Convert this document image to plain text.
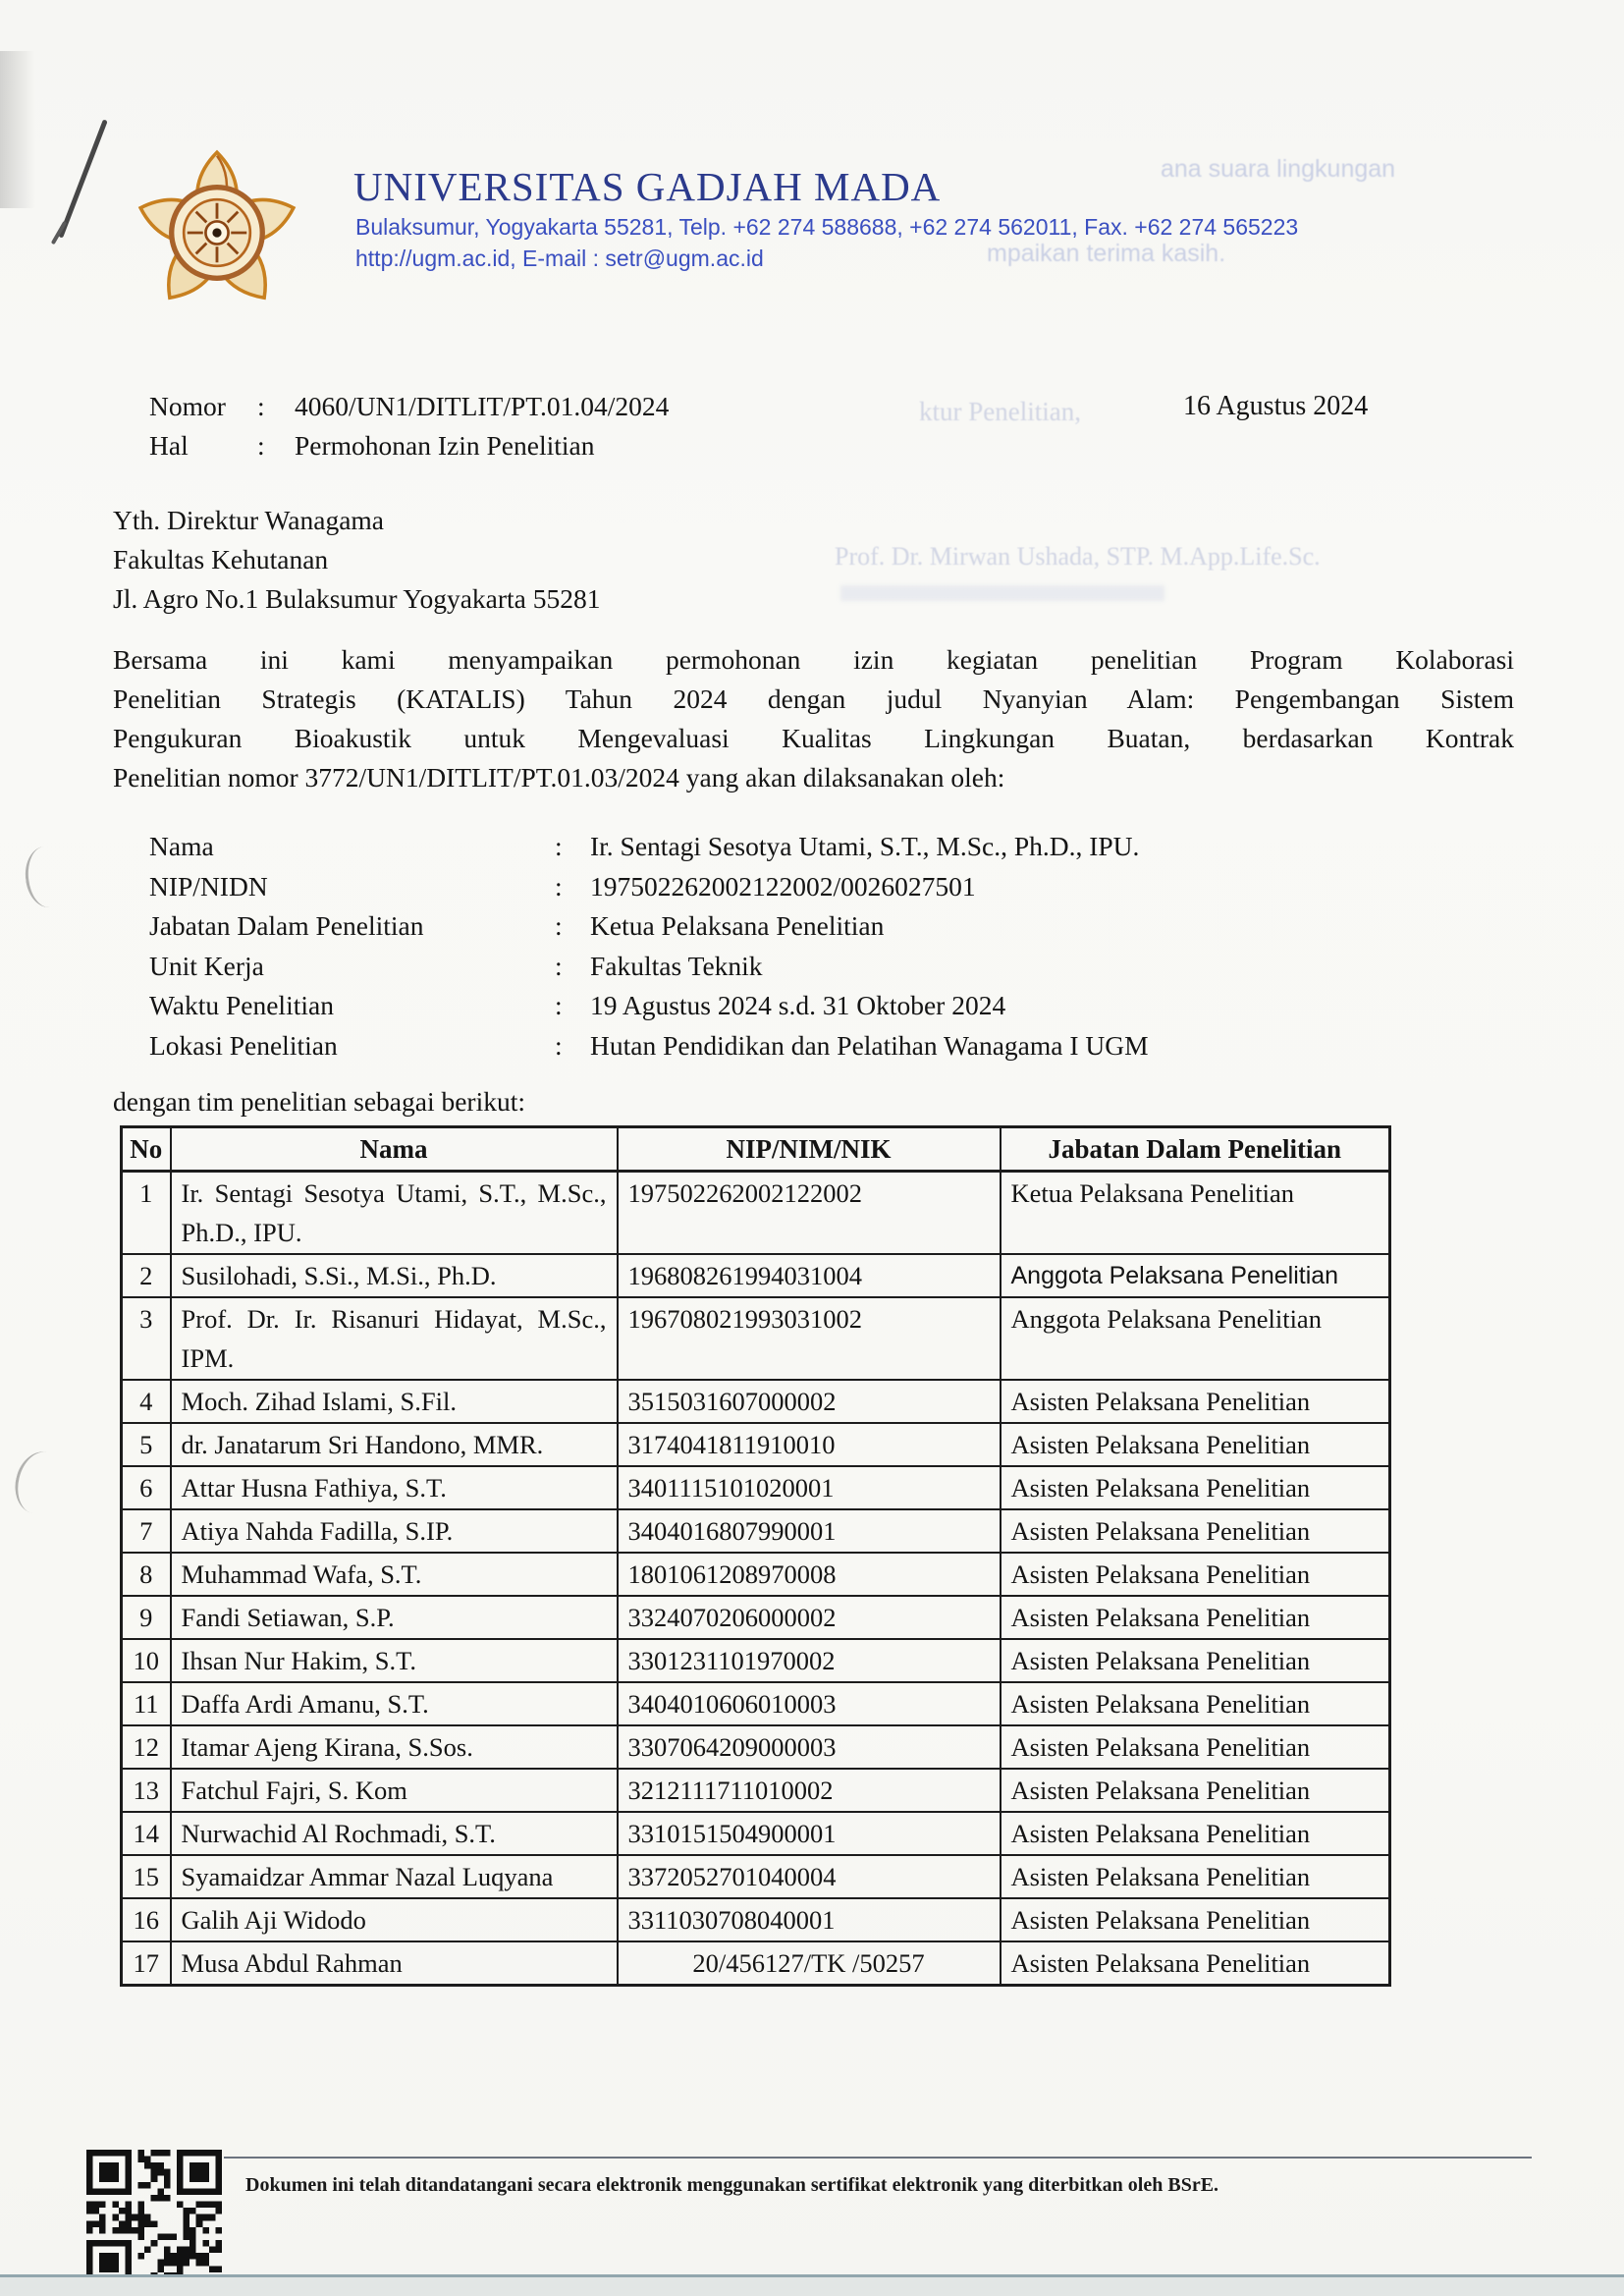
UNIVERSITAS GADJAH MADA
Bulaksumur, Yogyakarta 55281, Telp. +62 274 588688, +62 274 562011, Fax. +62 274 565223
http://ugm.ac.id, E-mail : setr@ugm.ac.id
ana suara lingkungan
mpaikan terima kasih.
ktur Penelitian,
Prof. Dr. Mirwan Ushada, STP. M.App.Life.Sc.
Nomor : 4060/UN1/DITLIT/PT.01.04/2024	16 Agustus 2024
Hal	: Permohonan Izin Penelitian
Yth. Direktur Wanagama
Fakultas Kehutanan
Jl. Agro No.1 Bulaksumur Yogyakarta 55281
Bersama ini kami menyampaikan permohonan izin kegiatan penelitian Program Kolaborasi
Penelitian Strategis (KATALIS) Tahun 2024 dengan judul Nyanyian Alam: Pengembangan Sistem
Pengukuran Bioakustik untuk Mengevaluasi Kualitas Lingkungan Buatan, berdasarkan Kontrak
Penelitian nomor 3772/UN1/DITLIT/PT.01.03/2024 yang akan dilaksanakan oleh:
Nama	:	Ir. Sentagi Sesotya Utami, S.T., M.Sc., Ph.D., IPU.
NIP/NIDN	:	197502262002122002/0026027501
Jabatan Dalam Penelitian	:	Ketua Pelaksana Penelitian
Unit Kerja	:	Fakultas Teknik
Waktu Penelitian	:	19 Agustus 2024 s.d. 31 Oktober 2024
Lokasi Penelitian	:	Hutan Pendidikan dan Pelatihan Wanagama I UGM
dengan tim penelitian sebagai berikut:
No	Nama	NIP/NIM/NIK	Jabatan Dalam Penelitian
1	Ir. Sentagi Sesotya Utami, S.T., M.Sc., Ph.D., IPU.	197502262002122002	Ketua Pelaksana Penelitian
2	Susilohadi, S.Si., M.Si., Ph.D.	196808261994031004	Anggota Pelaksana Penelitian
3	Prof. Dr. Ir. Risanuri Hidayat, M.Sc., IPM.	196708021993031002	Anggota Pelaksana Penelitian
4	Moch. Zihad Islami, S.Fil.	3515031607000002	Asisten Pelaksana Penelitian
5	dr. Janatarum Sri Handono, MMR.	3174041811910010	Asisten Pelaksana Penelitian
6	Attar Husna Fathiya, S.T.	3401115101020001	Asisten Pelaksana Penelitian
7	Atiya Nahda Fadilla, S.IP.	3404016807990001	Asisten Pelaksana Penelitian
8	Muhammad Wafa, S.T.	1801061208970008	Asisten Pelaksana Penelitian
9	Fandi Setiawan, S.P.	3324070206000002	Asisten Pelaksana Penelitian
10	Ihsan Nur Hakim, S.T.	3301231101970002	Asisten Pelaksana Penelitian
11	Daffa Ardi Amanu, S.T.	3404010606010003	Asisten Pelaksana Penelitian
12	Itamar Ajeng Kirana, S.Sos.	3307064209000003	Asisten Pelaksana Penelitian
13	Fatchul Fajri, S. Kom	3212111711010002	Asisten Pelaksana Penelitian
14	Nurwachid Al Rochmadi, S.T.	3310151504900001	Asisten Pelaksana Penelitian
15	Syamaidzar Ammar Nazal Luqyana	3372052701040004	Asisten Pelaksana Penelitian
16	Galih Aji Widodo	3311030708040001	Asisten Pelaksana Penelitian
17	Musa Abdul Rahman	20/456127/TK /50257	Asisten Pelaksana Penelitian
Dokumen ini telah ditandatangani secara elektronik menggunakan sertifikat elektronik yang diterbitkan oleh BSrE.
